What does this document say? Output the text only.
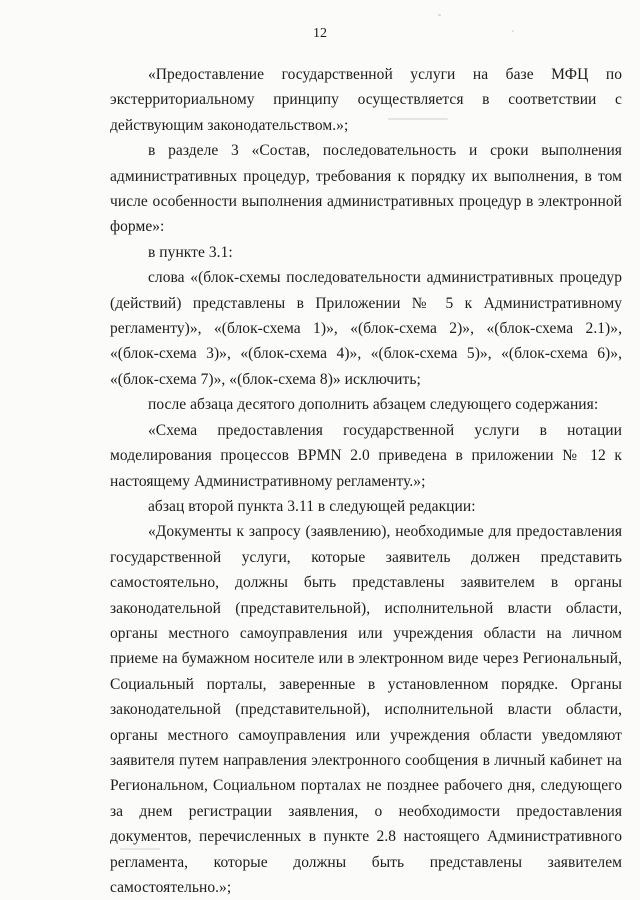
12

«Предоставление государственной услуги на базе МФЦ по экстерриториальному принципу осуществляется в соответствии с действующим законодательством.»;

в разделе 3 «Состав, последовательность и сроки выполнения административных процедур, требования к порядку их выполнения, в том числе особенности выполнения административных процедур в электронной форме»:

в пункте 3.1:

слова «(блок-схемы последовательности административных процедур (действий) представлены в Приложении № 5 к Административному регламенту)», «(блок-схема 1)», «(блок-схема 2)», «(блок-схема 2.1)», «(блок-схема 3)», «(блок-схема 4)», «(блок-схема 5)», «(блок-схема 6)», «(блок-схема 7)», «(блок-схема 8)» исключить;

после абзаца десятого дополнить абзацем следующего содержания:

«Схема предоставления государственной услуги в нотации моделирования процессов BPMN 2.0 приведена в приложении № 12 к настоящему Административному регламенту.»;

абзац второй пункта 3.11 в следующей редакции:

«Документы к запросу (заявлению), необходимые для предоставления государственной услуги, которые заявитель должен представить самостоятельно, должны быть представлены заявителем в органы законодательной (представительной), исполнительной власти области, органы местного самоуправления или учреждения области на личном приеме на бумажном носителе или в электронном виде через Региональный, Социальный порталы, заверенные в установленном порядке. Органы законодательной (представительной), исполнительной власти области, органы местного самоуправления или учреждения области уведомляют заявителя путем направления электронного сообщения в личный кабинет на Региональном, Социальном порталах не позднее рабочего дня, следующего за днем регистрации заявления, о необходимости предоставления документов, перечисленных в пункте 2.8 настоящего Административного регламента, которые должны быть представлены заявителем самостоятельно.»;
